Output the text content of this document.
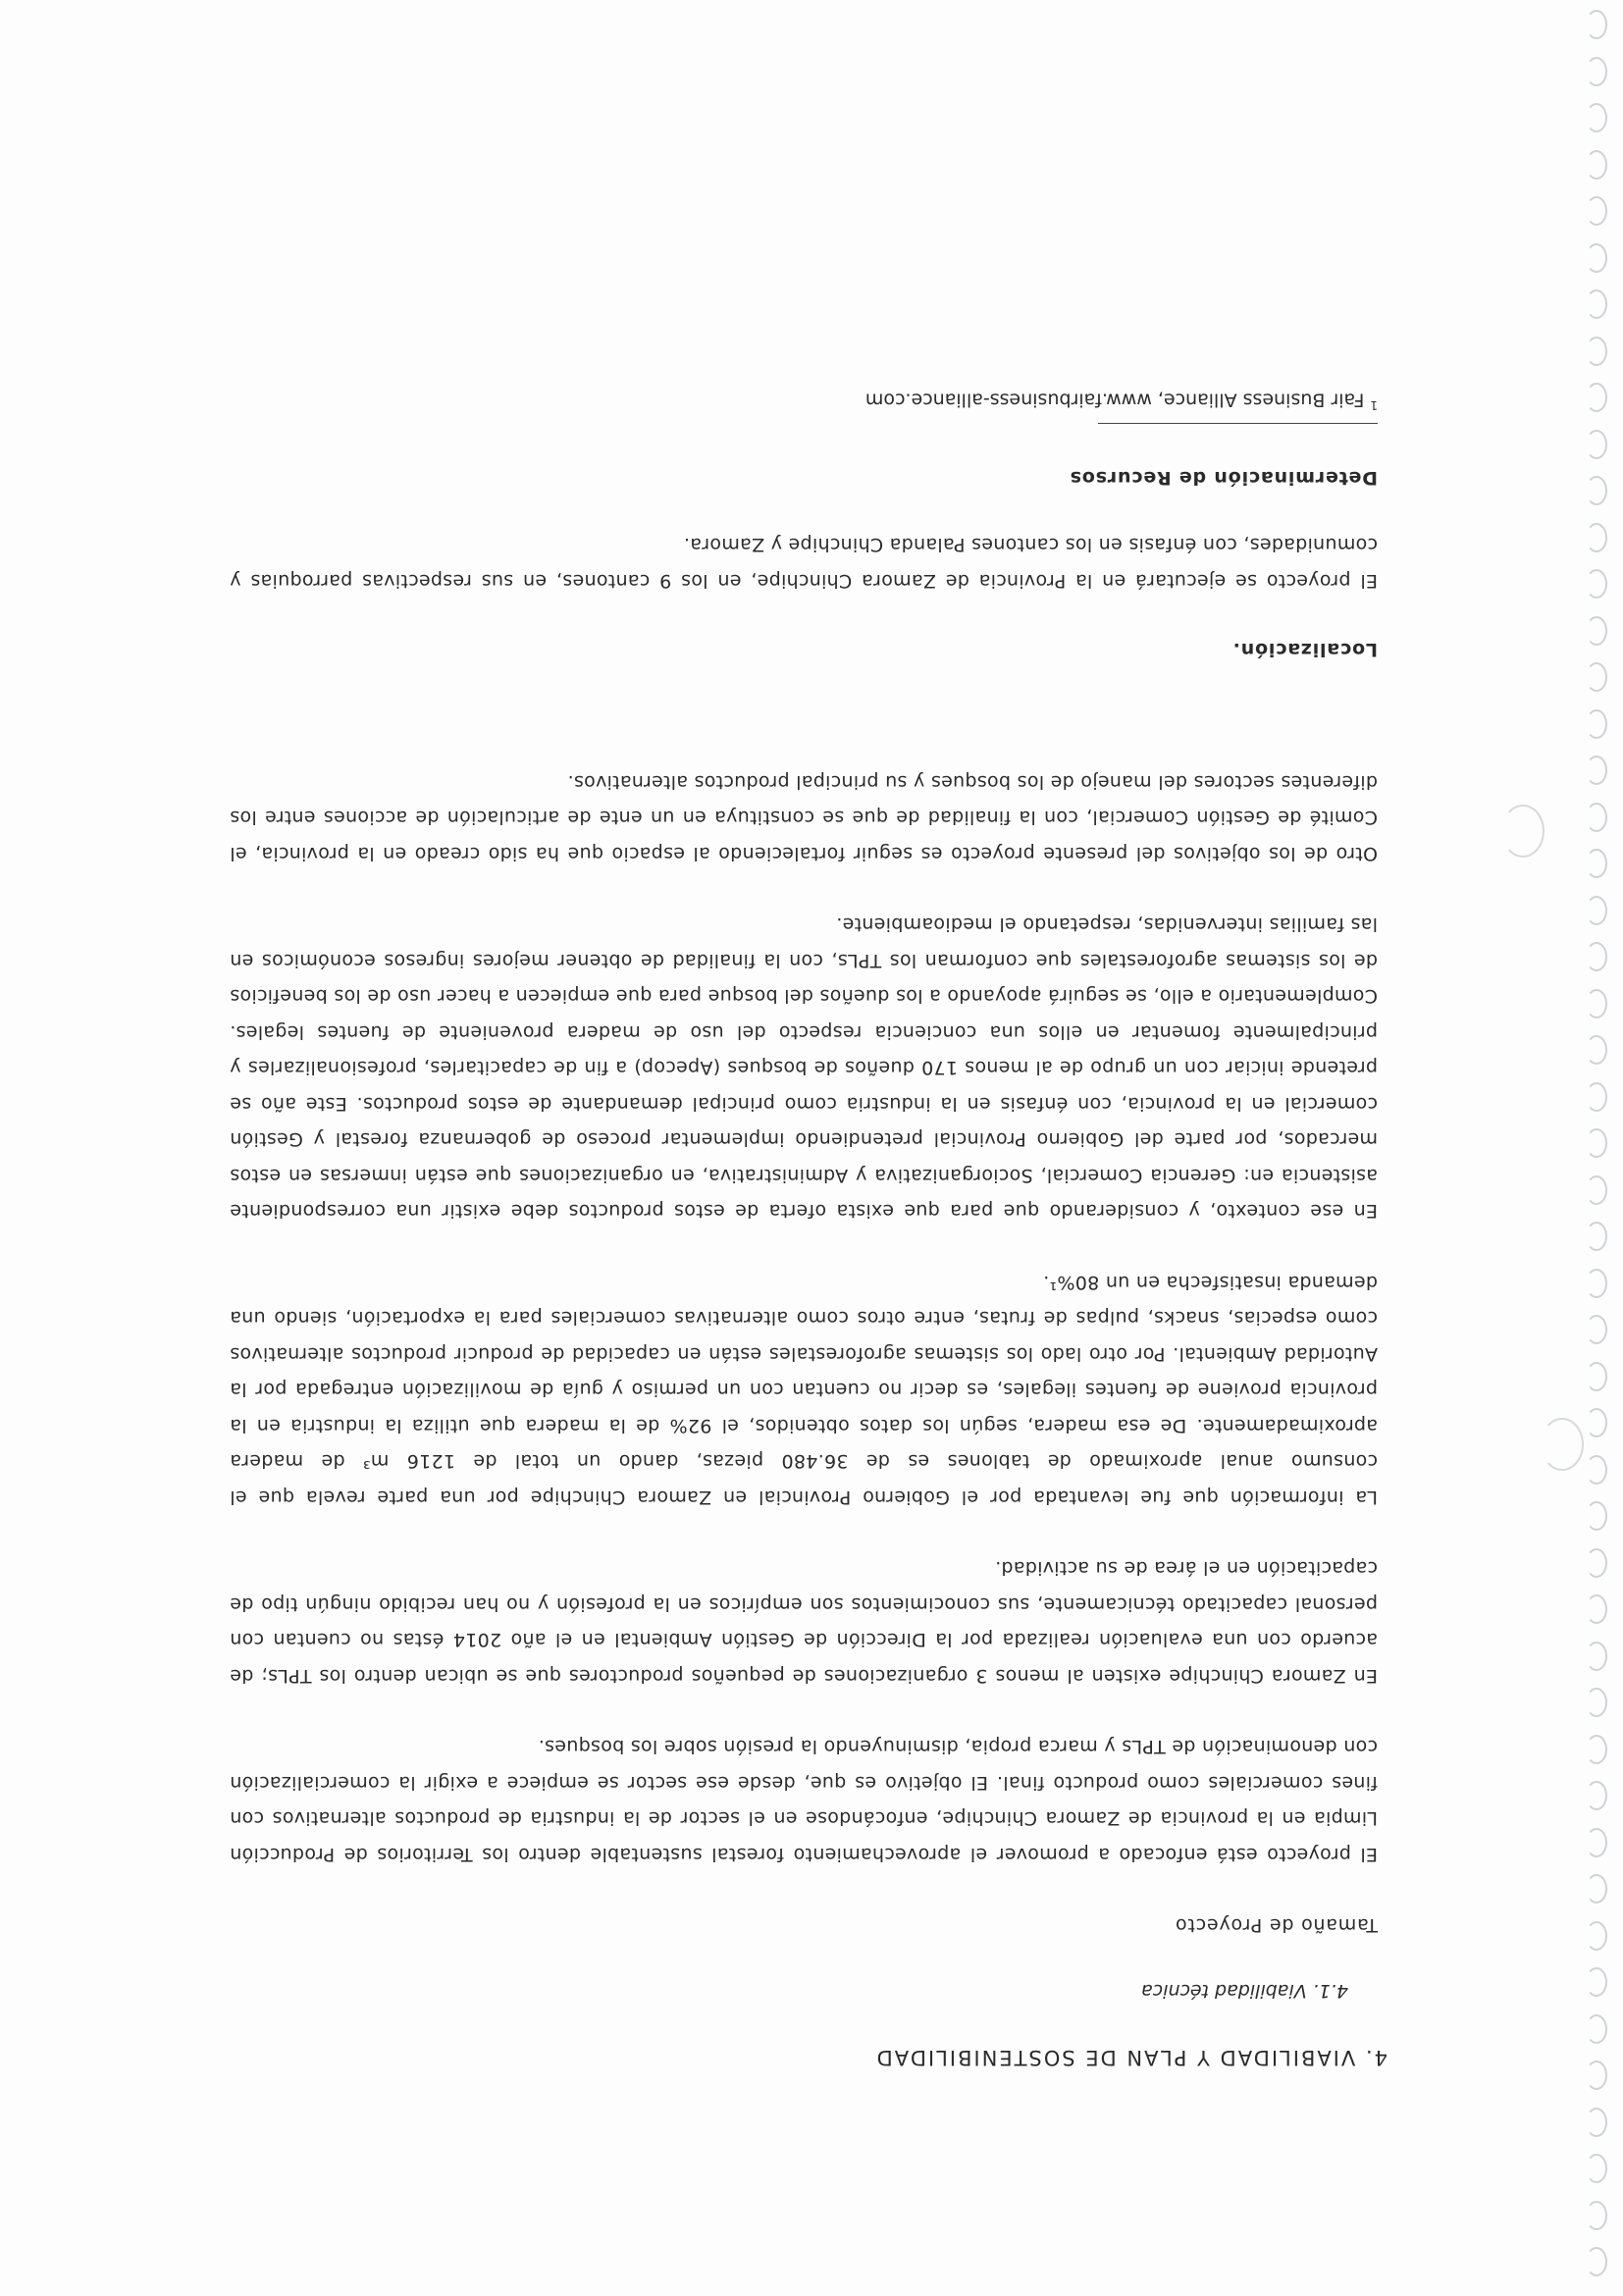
4. VIABILIDAD Y PLAN DE SOSTENIBILIDAD
4.1. Viabilidad técnica
Tamaño de Proyecto

El proyecto está enfocado a promover el aprovechamiento forestal sustentable dentro los Territorios de Producción Limpia en la provincia de Zamora Chinchipe, enfocándose en el sector de la industria de productos alternativos con fines comerciales como producto final. El objetivo es que, desde ese sector se empiece a exigir la comercialización con denominación de TPLs y marca propia, disminuyendo la presión sobre los bosques.

En Zamora Chinchipe existen al menos 3 organizaciones de pequeños productores que se ubican dentro los TPLs; de acuerdo con una evaluación realizada por la Dirección de Gestión Ambiental en el año 2014 éstas no cuentan con personal capacitado técnicamente, sus conocimientos son empíricos en la profesión y no han recibido ningún tipo de capacitación en el área de su actividad.

La información que fue levantada por el Gobierno Provincial en Zamora Chinchipe por una parte revela que el consumo anual aproximado de tablones es de 36.480 piezas, dando un total de 1216 m³ de madera aproximadamente. De esa madera, según los datos obtenidos, el 92% de la madera que utiliza la industria en la provincia proviene de fuentes ilegales, es decir no cuentan con un permiso y guía de movilización entregada por la Autoridad Ambiental. Por otro lado los sistemas agroforestales están en capacidad de producir productos alternativos como especias, snacks, pulpas de frutas, entre otros como alternativas comerciales para la exportación, siendo una demanda insatisfecha en un 80%¹.

En ese contexto, y considerando que para que exista oferta de estos productos debe existir una correspondiente asistencia en: Gerencia Comercial, Sociorganizativa y Administrativa, en organizaciones que están inmersas en estos mercados, por parte del Gobierno Provincial pretendiendo implementar proceso de gobernanza forestal y Gestión comercial en la provincia, con énfasis en la industria como principal demandante de estos productos. Este año se pretende iniciar con un grupo de al menos 170 dueños de bosques (Apecop) a fin de capacitarles, profesionalizarles y principalmente fomentar en ellos una conciencia respecto del uso de madera proveniente de fuentes legales. Complementario a ello, se seguirá apoyando a los dueños del bosque para que empiecen a hacer uso de los beneficios de los sistemas agroforestales que conforman los TPLs, con la finalidad de obtener mejores ingresos económicos en las familias intervenidas, respetando el medioambiente.

Otro de los objetivos del presente proyecto es seguir fortaleciendo al espacio que ha sido creado en la provincia, el Comité de Gestión Comercial, con la finalidad de que se constituya en un ente de articulación de acciones entre los diferentes sectores del manejo de los bosques y su principal productos alternativos.

Localización.

El proyecto se ejecutará en la Provincia de Zamora Chinchipe, en los 9 cantones, en sus respectivas parroquias y comunidades, con énfasis en los cantones Palanda Chinchipe y Zamora.

Determinación de Recursos
$^1$Fair Business Alliance, www.fairbusiness-alliance.com
